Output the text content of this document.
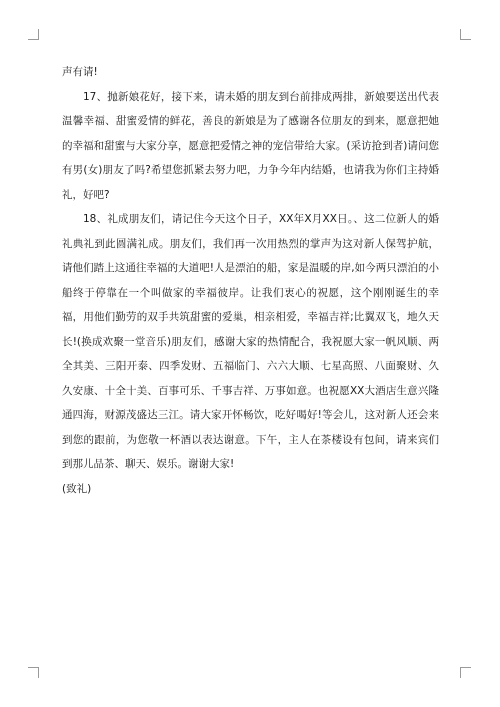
声有请!

17、抛新娘花好，接下来，请未婚的朋友到台前排成两排，新娘要送出代表温馨幸福、甜蜜爱情的鲜花，善良的新娘是为了感谢各位朋友的到来，愿意把她的幸福和甜蜜与大家分享，愿意把爱情之神的宠信带给大家。(采访抢到者)请问您有男(女)朋友了吗?希望您抓紧去努力吧，力争今年内结婚，也请我为你们主持婚礼，好吧?

18、礼成朋友们，请记住今天这个日子，XX年X月XX日。、这二位新人的婚礼典礼到此圆满礼成。朋友们，我们再一次用热烈的掌声为这对新人保驾护航，请他们踏上这通往幸福的大道吧!人是漂泊的船，家是温暖的岸,如今两只漂泊的小船终于停靠在一个叫做家的幸福彼岸。让我们衷心的祝愿，这个刚刚诞生的幸福，用他们勤劳的双手共筑甜蜜的爱巢，相亲相爱，幸福吉祥;比翼双飞，地久天长!(换成欢聚一堂音乐)朋友们，感谢大家的热情配合，我祝愿大家一帆风顺、两全其美、三阳开泰、四季发财、五福临门、六六大顺、七星高照、八面聚财、久久安康、十全十美、百事可乐、千事吉祥、万事如意。也祝愿XX大酒店生意兴隆通四海，财源茂盛达三江。请大家开怀畅饮，吃好喝好!等会儿，这对新人还会来到您的跟前，为您敬一杯酒以表达谢意。下午，主人在茶楼设有包间，请来宾们到那儿品茶、聊天、娱乐。谢谢大家!

(致礼)
